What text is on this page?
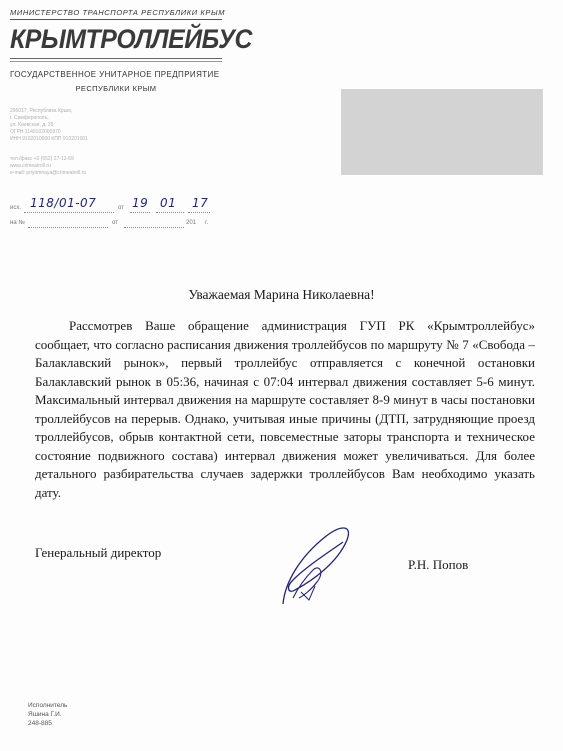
МИНИСТЕРСТВО ТРАНСПОРТА РЕСПУБЛИКИ КРЫМ
КРЫМТРОЛЛЕЙБУС
ГОСУДАРСТВЕННОЕ УНИТАРНОЕ ПРЕДПРИЯТИЕ
РЕСПУБЛИКИ КРЫМ
295017, Республика Крым,
г. Симферополь,
ул. Киевская, д. 35
ОГРН 1149102000370
ИНН 9102010000 КПП 910201001
тел./факс +3 (652) 27-12-69
www.crimeatroll.ru
e-mail: priyomnaya@crimeatroll.ru
исх. 118/01-07	от 19 01 17
на №	от	201 г.
Уважаемая Марина Николаевна!
Рассмотрев Ваше обращение администрация ГУП РК «Крымтроллейбус» сообщает, что согласно расписания движения троллейбусов по маршруту № 7 «Свобода – Балаклавский рынок», первый троллейбус отправляется с конечной остановки Балаклавский рынок в 05:36, начиная с 07:04 интервал движения составляет 5-6 минут. Максимальный интервал движения на маршруте составляет 8-9 минут в часы постановки троллейбусов на перерыв. Однако, учитывая иные причины (ДТП, затрудняющие проезд троллейбусов, обрыв контактной сети, повсеместные заторы транспорта и техническое состояние подвижного состава) интервал движения может увеличиваться. Для более детального разбирательства случаев задержки троллейбусов Вам необходимо указать дату.
Генеральный директор
Р.Н. Попов
Исполнитель
Яшина Г.И.
248-885
